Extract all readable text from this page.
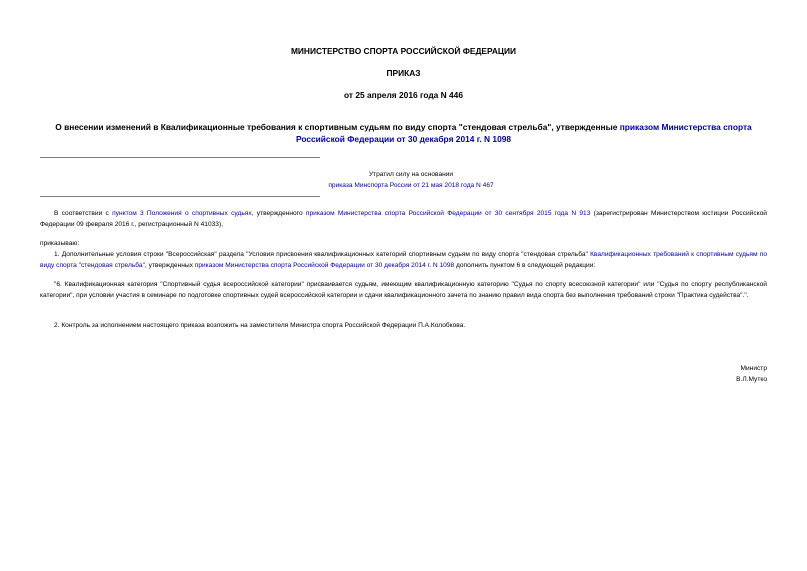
МИНИСТЕРСТВО СПОРТА РОССИЙСКОЙ ФЕДЕРАЦИИ
ПРИКАЗ
от 25 апреля 2016 года N 446
О внесении изменений в Квалификационные требования к спортивным судьям по виду спорта "стендовая стрельба", утвержденные приказом Министерства спорта Российской Федерации от 30 декабря 2014 г. N 1098
Утратил силу на основании
приказа Минспорта России от 21 мая 2018 года N 467
В соответствии с пунктом 3 Положения о спортивных судьях, утвержденного приказом Министерства спорта Российской Федерации от 30 сентября 2015 года N 913 (зарегистрирован Министерством юстиции Российской Федерации 09 февраля 2016 г., регистрационный N 41033),
приказываю:
1. Дополнительные условия строки "Всероссийская" раздела "Условия присвоения квалификационных категорий спортивным судьям по виду спорта "стендовая стрельба" Квалификационных требований к спортивным судьям по виду спорта "стендовая стрельба", утвержденных приказом Министерства спорта Российской Федерации от 30 декабря 2014 г. N 1098 дополнить пунктом 6 в следующей редакции:
"6. Квалификационная категория "Спортивный судья всероссийской категории" присваивается судьям, имеющим квалификационную категорию "Судья по спорту всесоюзной категории" или "Судья по спорту республиканской категории", при условии участия в семинаре по подготовке спортивных судей всероссийской категории и сдачи квалификационного зачета по знанию правил вида спорта без выполнения требований строки "Практика судейства".".
2. Контроль за исполнением настоящего приказа возложить на заместителя Министра спорта Российской Федерации П.А.Колобкова.
Министр
В.Л.Мутко
